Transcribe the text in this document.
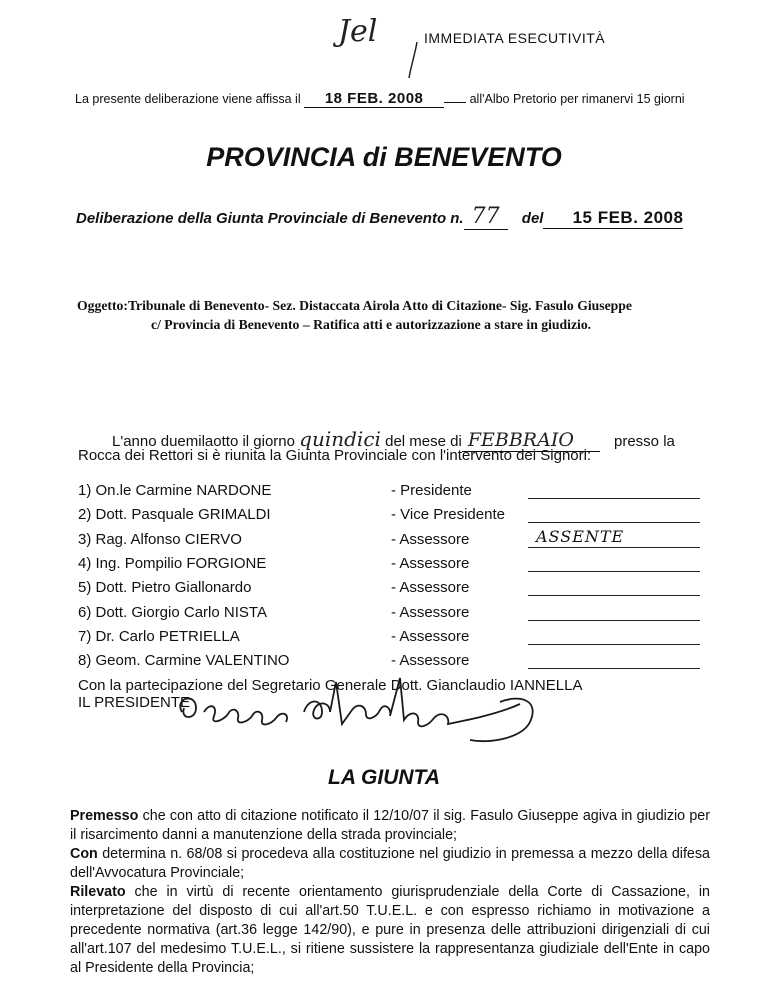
Jel	IMMEDIATA ESECUTIVITÀ
La presente deliberazione viene affissa il 18 FEB. 2008	all'Albo Pretorio per rimanervi 15 giorni
PROVINCIA di BENEVENTO
Deliberazione della Giunta Provinciale di Benevento n. 77 del 15 FEB. 2008
Oggetto:Tribunale di Benevento- Sez. Distaccata Airola Atto di Citazione- Sig. Fasulo Giuseppe
c/ Provincia di Benevento – Ratifica atti e autorizzazione a stare in giudizio.
L'anno duemilaotto il giorno quindici del mese di FEBBRAIO	presso la
Rocca dei Rettori si è riunita la Giunta Provinciale con l'intervento dei Signori:
1) On.le Carmine NARDONE	- Presidente
2) Dott. Pasquale GRIMALDI	- Vice Presidente
3) Rag. Alfonso CIERVO	- Assessore	ASSENTE
4) Ing. Pompilio FORGIONE	- Assessore
5) Dott. Pietro Giallonardo	- Assessore
6) Dott. Giorgio Carlo NISTA	- Assessore
7) Dr. Carlo PETRIELLA	- Assessore
8) Geom. Carmine VALENTINO	- Assessore
Con la partecipazione del Segretario Generale Dott. Gianclaudio IANNELLA
IL PRESIDENTE
LA GIUNTA
Premesso che con atto di citazione notificato il 12/10/07 il sig. Fasulo Giuseppe agiva in giudizio per il risarcimento danni a manutenzione della strada provinciale;
Con determina n. 68/08 si procedeva alla costituzione nel giudizio in premessa a mezzo della difesa dell'Avvocatura Provinciale;
Rilevato che in virtù di recente orientamento giurisprudenziale della Corte di Cassazione, in interpretazione del disposto di cui all'art.50 T.U.E.L. e con espresso richiamo in motivazione a precedente normativa (art.36 legge 142/90), e pure in presenza delle attribuzioni dirigenziali di cui all'art.107 del medesimo T.U.E.L., si ritiene sussistere la rappresentanza giudiziale dell'Ente in capo al Presidente della Provincia;
